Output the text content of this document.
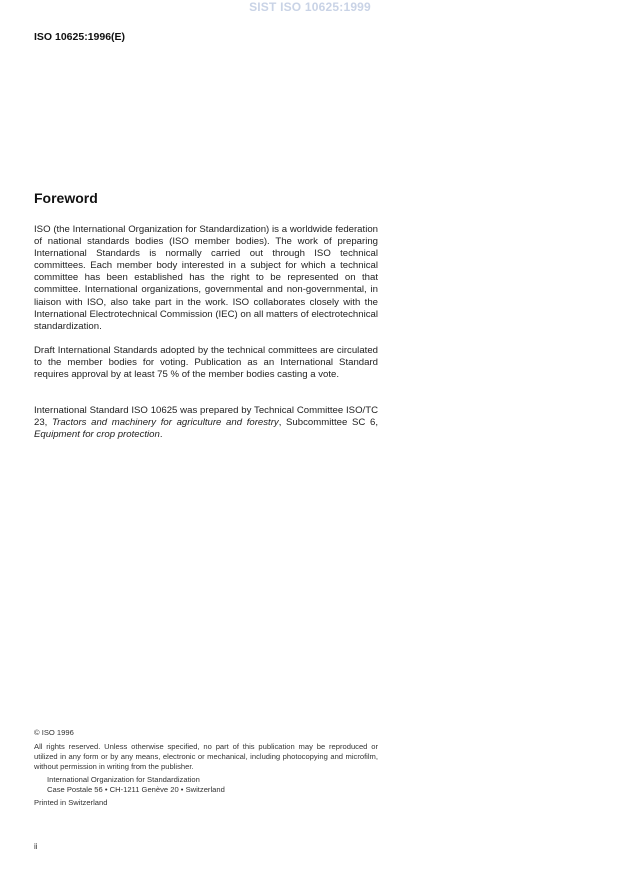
SIST ISO 10625:1999
ISO 10625:1996(E)
Foreword

ISO (the International Organization for Standardization) is a worldwide federation of national standards bodies (ISO member bodies). The work of preparing International Standards is normally carried out through ISO technical committees. Each member body interested in a subject for which a technical committee has been established has the right to be represented on that committee. International organizations, governmental and non-governmental, in liaison with ISO, also take part in the work. ISO collaborates closely with the International Electrotechnical Commission (IEC) on all matters of electrotechnical standardization.

Draft International Standards adopted by the technical committees are circulated to the member bodies for voting. Publication as an International Standard requires approval by at least 75 % of the member bodies casting a vote.

International Standard ISO 10625 was prepared by Technical Committee ISO/TC 23, Tractors and machinery for agriculture and forestry, Subcommittee SC 6, Equipment for crop protection.

© ISO 1996
All rights reserved. Unless otherwise specified, no part of this publication may be reproduced or utilized in any form or by any means, electronic or mechanical, including photocopying and microfilm, without permission in writing from the publisher.
International Organization for Standardization
Case Postale 56 • CH-1211 Genève 20 • Switzerland
Printed in Switzerland
ii
